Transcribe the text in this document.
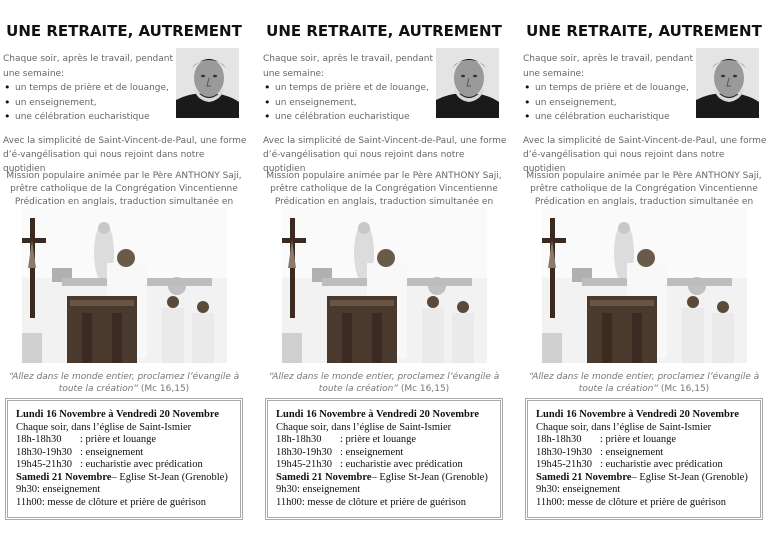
UNE RETRAITE, AUTREMENT
Chaque soir, après le travail, pendant une semaine:
• un temps de prière et de louange,
• un enseignement,
• une célébration eucharistique
Avec la simplicité de Saint-Vincent-de-Paul, une forme d’é-vangélisation qui nous rejoint dans notre quotidien
Mission populaire animée par le Père ANTHONY Saji,
prêtre catholique de la Congrégation Vincentienne
Prédication en anglais, traduction simultanée en
“Allez dans le monde entier, proclamez l’évangile à toute la création” (Mc 16,15)
Lundi 16 Novembre à Vendredi 20 Novembre
Chaque soir, dans l’église de Saint-Ismier
18h-18h30 : prière et louange
18h30-19h30 : enseignement
19h45-21h30 : eucharistie avec prédication
Samedi 21 Novembre– Eglise St-Jean (Grenoble)
9h30: enseignement
11h00: messe de clôture et prière de guérison
UNE RETRAITE, AUTREMENT
Chaque soir, après le travail, pendant une semaine:
• un temps de prière et de louange,
• un enseignement,
• une célébration eucharistique
Avec la simplicité de Saint-Vincent-de-Paul, une forme d’é-vangélisation qui nous rejoint dans notre quotidien
Mission populaire animée par le Père ANTHONY Saji,
prêtre catholique de la Congrégation Vincentienne
Prédication en anglais, traduction simultanée en
“Allez dans le monde entier, proclamez l’évangile à toute la création” (Mc 16,15)
Lundi 16 Novembre à Vendredi 20 Novembre
Chaque soir, dans l’église de Saint-Ismier
18h-18h30 : prière et louange
18h30-19h30 : enseignement
19h45-21h30 : eucharistie avec prédication
Samedi 21 Novembre– Eglise St-Jean (Grenoble)
9h30: enseignement
11h00: messe de clôture et prière de guérison
UNE RETRAITE, AUTREMENT
Chaque soir, après le travail, pendant une semaine:
• un temps de prière et de louange,
• un enseignement,
• une célébration eucharistique
Avec la simplicité de Saint-Vincent-de-Paul, une forme d’é-vangélisation qui nous rejoint dans notre quotidien
Mission populaire animée par le Père ANTHONY Saji,
prêtre catholique de la Congrégation Vincentienne
Prédication en anglais, traduction simultanée en
“Allez dans le monde entier, proclamez l’évangile à toute la création” (Mc 16,15)
Lundi 16 Novembre à Vendredi 20 Novembre
Chaque soir, dans l’église de Saint-Ismier
18h-18h30 : prière et louange
18h30-19h30 : enseignement
19h45-21h30 : eucharistie avec prédication
Samedi 21 Novembre– Eglise St-Jean (Grenoble)
9h30: enseignement
11h00: messe de clôture et prière de guérison
